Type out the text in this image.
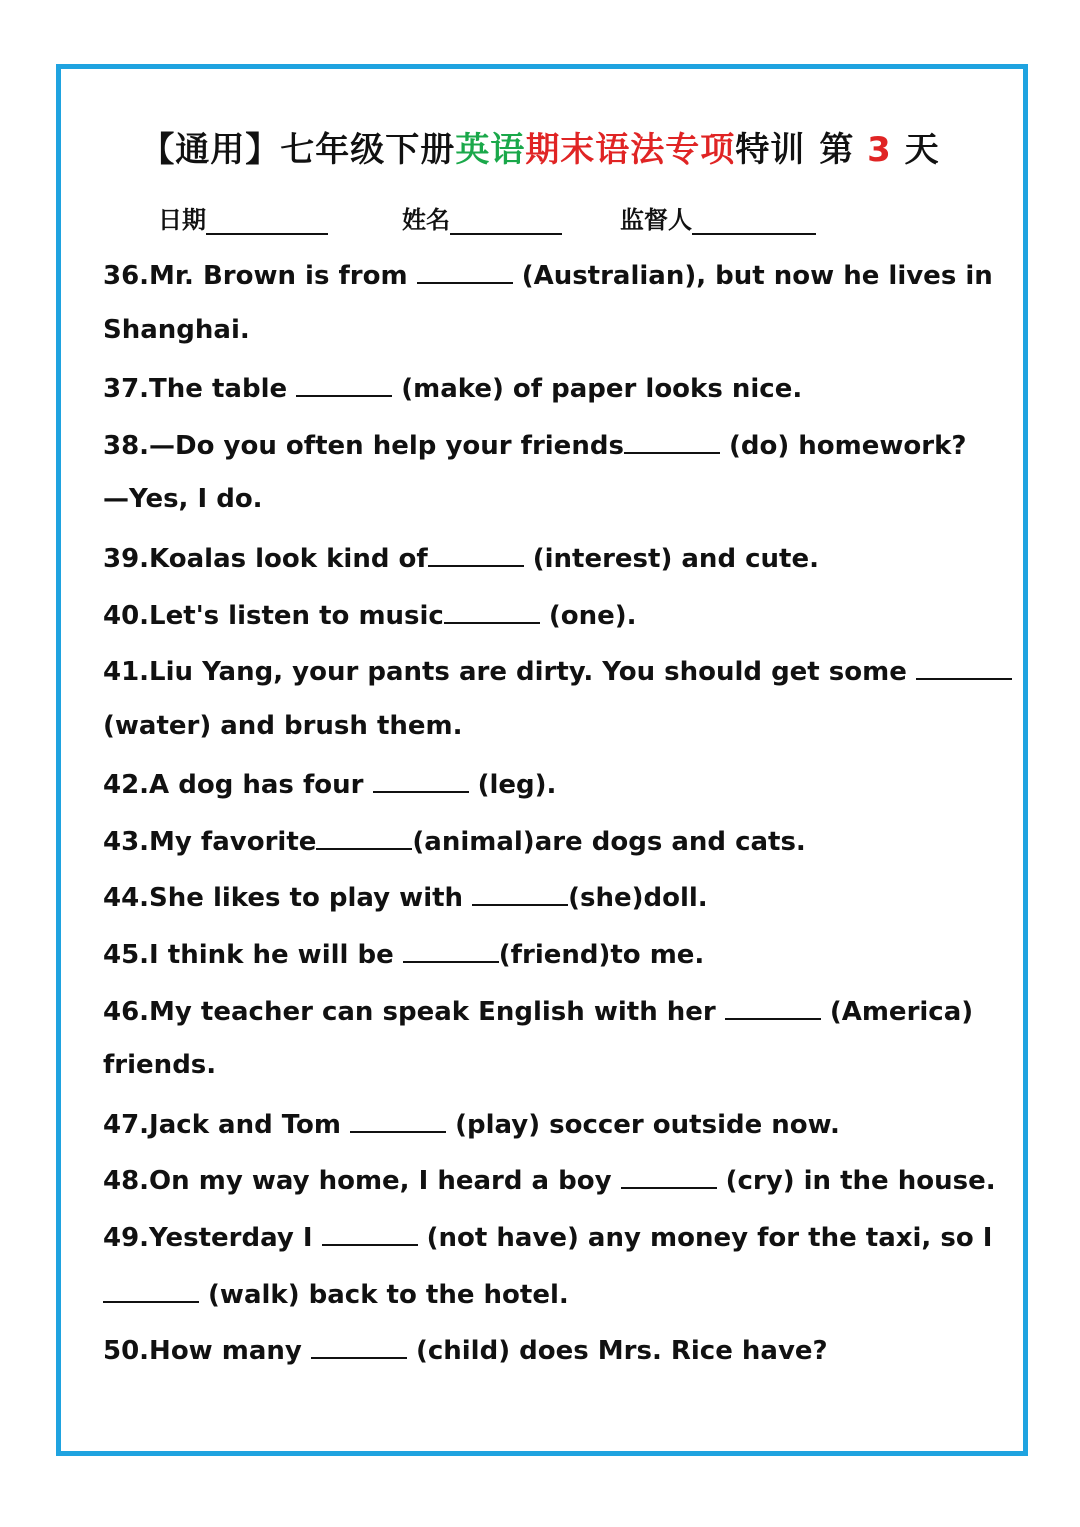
【通用】七年级下册英语期末语法专项特训 第 3 天
日期	姓名	监督人
36.Mr. Brown is from	(Australian), but now he lives in
Shanghai.
37.The table	(make) of paper looks nice.
38.—Do you often help your friends	(do) homework?
—Yes, I do.
39.Koalas look kind of	(interest) and cute.
40.Let's listen to music	(one).
41.Liu Yang, your pants are dirty. You should get some
(water) and brush them.
42.A dog has four	(leg).
43.My favorite	(animal)are dogs and cats.
44.She likes to play with	(she)doll.
45.I think he will be	(friend)to me.
46.My teacher can speak English with her	(America)
friends.
47.Jack and Tom	(play) soccer outside now.
48.On my way home, I heard a boy	(cry) in the house.
49.Yesterday I	(not have) any money for the taxi, so I
(walk) back to the hotel.
50.How many	(child) does Mrs. Rice have?
